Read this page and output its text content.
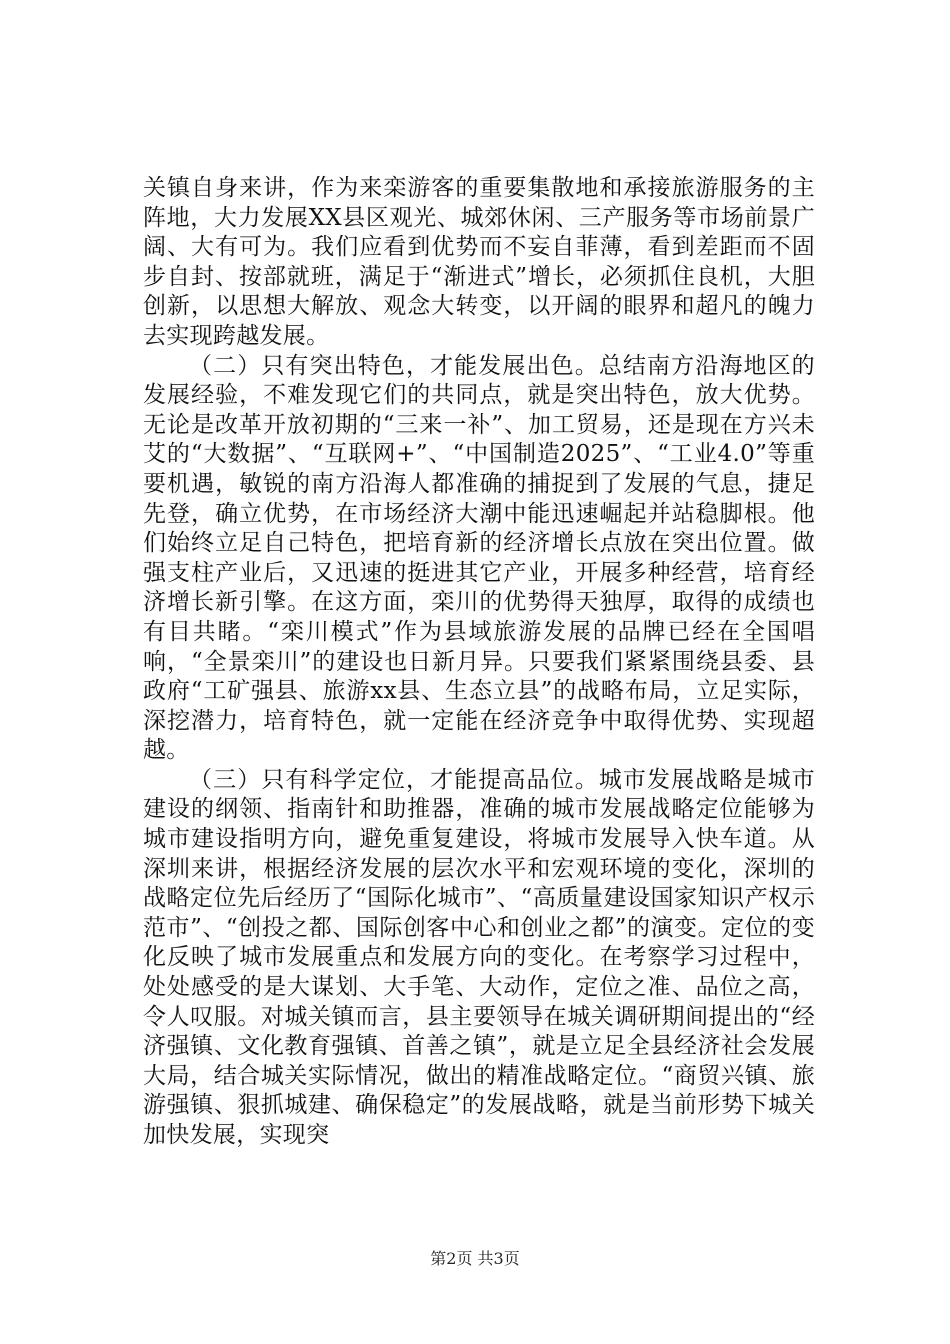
关镇自身来讲，作为来栾游客的重要集散地和承接旅游服务的主阵地，大力发展XX县区观光、城郊休闲、三产服务等市场前景广阔、大有可为。我们应看到优势而不妄自菲薄，看到差距而不固步自封、按部就班，满足于“渐进式”增长，必须抓住良机，大胆创新，以思想大解放、观念大转变，以开阔的眼界和超凡的魄力去实现跨越发展。

（二）只有突出特色，才能发展出色。总结南方沿海地区的发展经验，不难发现它们的共同点，就是突出特色，放大优势。无论是改革开放初期的“三来一补”、加工贸易，还是现在方兴未艾的“大数据”、“互联网+”、“中国制造2025”、“工业4.0”等重要机遇，敏锐的南方沿海人都准确的捕捉到了发展的气息，捷足先登，确立优势，在市场经济大潮中能迅速崛起并站稳脚根。他们始终立足自己特色，把培育新的经济增长点放在突出位置。做强支柱产业后，又迅速的挺进其它产业，开展多种经营，培育经济增长新引擎。在这方面，栾川的优势得天独厚，取得的成绩也有目共睹。“栾川模式”作为县域旅游发展的品牌已经在全国唱响，“全景栾川”的建设也日新月异。只要我们紧紧围绕县委、县政府“工矿强县、旅游xx县、生态立县”的战略布局，立足实际，深挖潜力，培育特色，就一定能在经济竞争中取得优势、实现超越。

（三）只有科学定位，才能提高品位。城市发展战略是城市建设的纲领、指南针和助推器，准确的城市发展战略定位能够为城市建设指明方向，避免重复建设，将城市发展导入快车道。从深圳来讲，根据经济发展的层次水平和宏观环境的变化，深圳的战略定位先后经历了“国际化城市”、“高质量建设国家知识产权示范市”、“创投之都、国际创客中心和创业之都”的演变。定位的变化反映了城市发展重点和发展方向的变化。在考察学习过程中，处处感受的是大谋划、大手笔、大动作，定位之准、品位之高，令人叹服。对城关镇而言，县主要领导在城关调研期间提出的“经济强镇、文化教育强镇、首善之镇”，就是立足全县经济社会发展大局，结合城关实际情况，做出的精准战略定位。“商贸兴镇、旅游强镇、狠抓城建、确保稳定”的发展战略，就是当前形势下城关加快发展，实现突

第2页 共3页
